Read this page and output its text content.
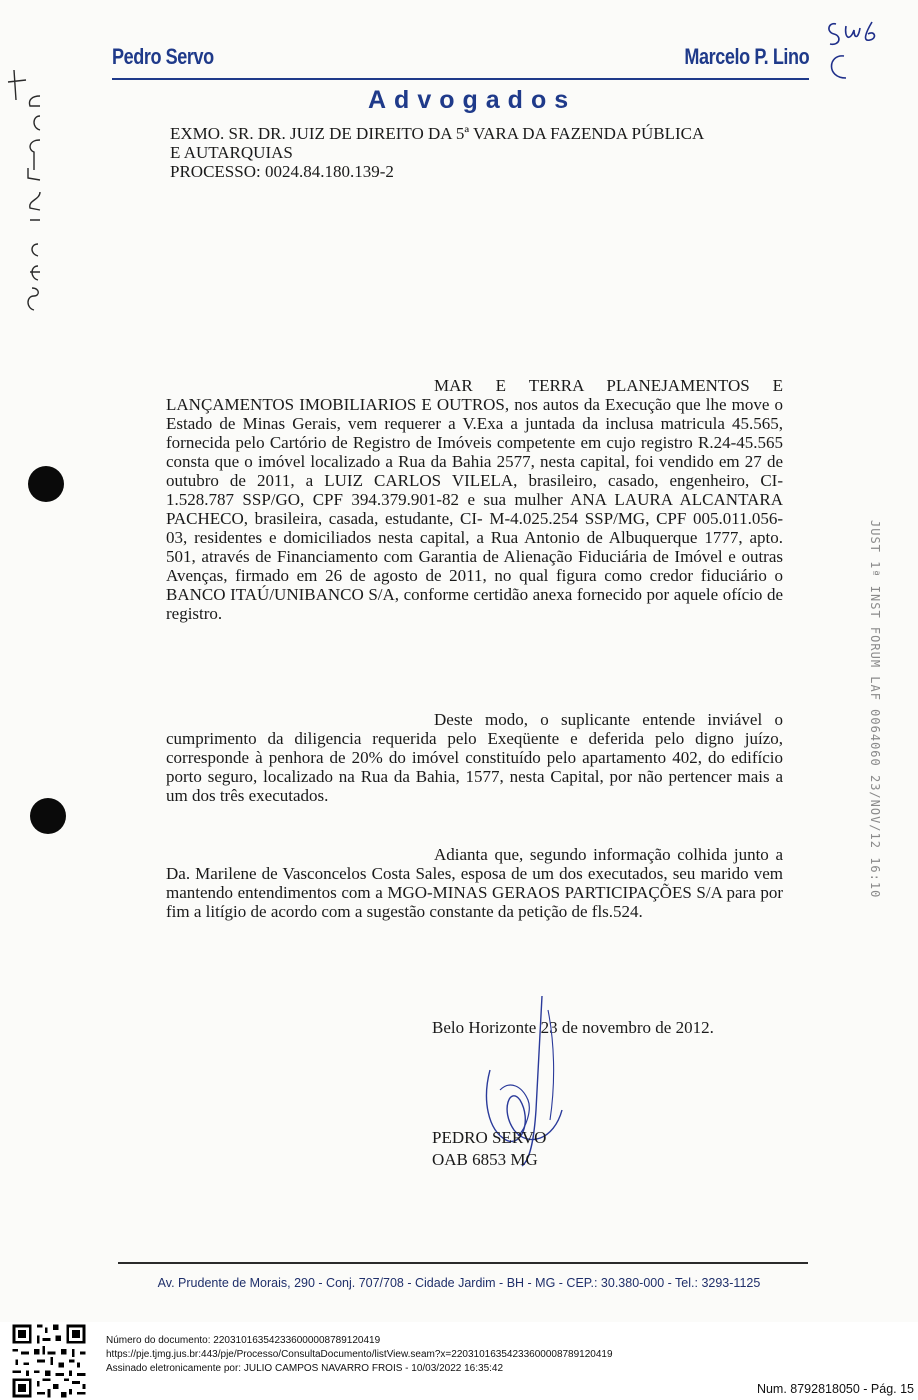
Pedro Servo	Marcelo P. Lino
Advogados
EXMO. SR. DR. JUIZ DE DIREITO DA 5ª VARA DA FAZENDA PÚBLICA
E AUTARQUIAS
PROCESSO: 0024.84.180.139-2
MAR E TERRA PLANEJAMENTOS E LANÇAMENTOS IMOBILIARIOS E OUTROS, nos autos da Execução que lhe move o Estado de Minas Gerais, vem requerer a V.Exa a juntada da inclusa matricula 45.565, fornecida pelo Cartório de Registro de Imóveis competente em cujo registro R.24-45.565 consta que o imóvel localizado a Rua da Bahia 2577, nesta capital, foi vendido em 27 de outubro de 2011, a LUIZ CARLOS VILELA, brasileiro, casado, engenheiro, CI- 1.528.787 SSP/GO, CPF 394.379.901-82 e sua mulher ANA LAURA ALCANTARA PACHECO, brasileira, casada, estudante, CI- M-4.025.254 SSP/MG, CPF 005.011.056-03, residentes e domiciliados nesta capital, a Rua Antonio de Albuquerque 1777, apto. 501, através de Financiamento com Garantia de Alienação Fiduciária de Imóvel e outras Avenças, firmado em 26 de agosto de 2011, no qual figura como credor fiduciário o BANCO ITAÚ/UNIBANCO S/A, conforme certidão anexa fornecido por aquele ofício de registro.
Deste modo, o suplicante entende inviável o cumprimento da diligencia requerida pelo Exeqüente e deferida pelo digno juízo, corresponde à penhora de 20% do imóvel constituído pelo apartamento 402, do edifício porto seguro, localizado na Rua da Bahia, 1577, nesta Capital, por não pertencer mais a um dos três executados.
Adianta que, segundo informação colhida junto a Da. Marilene de Vasconcelos Costa Sales, esposa de um dos executados, seu marido vem mantendo entendimentos com a MGO-MINAS GERAOS PARTICIPAÇÕES S/A para por fim a litígio de acordo com a sugestão constante da petição de fls.524.
Belo Horizonte 23 de novembro de 2012.
PEDRO SERVO
OAB 6853 MG
JUST 1ª INST FORUM LAF 0064060 23/NOV/12 16:10
Av. Prudente de Morais, 290 - Conj. 707/708 - Cidade Jardim - BH - MG - CEP.: 30.380-000 - Tel.: 3293-1125
Número do documento: 22031016354233600000878912041​9
https://pje.tjmg.jus.br:443/pje/Processo/ConsultaDocumento/listView.seam?x=22031016354233600008789120419
Assinado eletronicamente por: JULIO CAMPOS NAVARRO FROIS - 10/03/2022 16:35:42
Num. 8792818050 - Pág. 15
